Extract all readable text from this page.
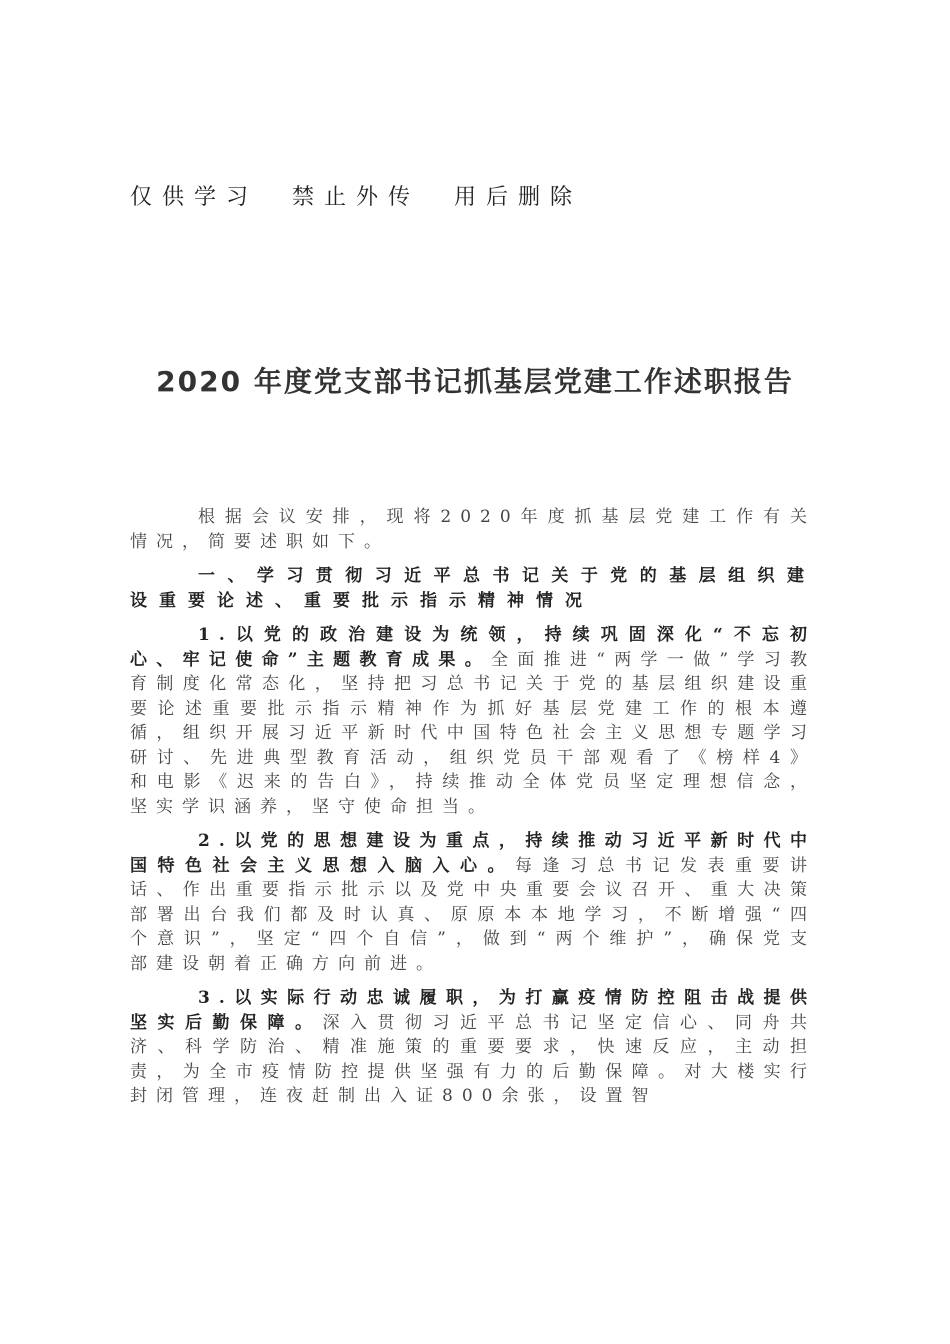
仅供学习  禁止外传  用后删除
2020 年度党支部书记抓基层党建工作述职报告

根据会议安排，现将2020年度抓基层党建工作有关情况，简要述职如下。

一、学习贯彻习近平总书记关于党的基层组织建设重要论述、重要批示指示精神情况

1.以党的政治建设为统领，持续巩固深化“不忘初心、牢记使命”主题教育成果。全面推进“两学一做”学习教育制度化常态化，坚持把习总书记关于党的基层组织建设重要论述重要批示指示精神作为抓好基层党建工作的根本遵循，组织开展习近平新时代中国特色社会主义思想专题学习研讨、先进典型教育活动，组织党员干部观看了《榜样4》和电影《迟来的告白》，持续推动全体党员坚定理想信念，坚实学识涵养，坚守使命担当。

2.以党的思想建设为重点，持续推动习近平新时代中国特色社会主义思想入脑入心。每逢习总书记发表重要讲话、作出重要指示批示以及党中央重要会议召开、重大决策部署出台我们都及时认真、原原本本地学习，不断增强“四个意识”，坚定“四个自信”，做到“两个维护”，确保党支部建设朝着正确方向前进。

3.以实际行动忠诚履职，为打赢疫情防控阻击战提供坚实后勤保障。深入贯彻习近平总书记坚定信心、同舟共济、科学防治、精准施策的重要要求，快速反应，主动担责，为全市疫情防控提供坚强有力的后勤保障。对大楼实行封闭管理，连夜赶制出入证800余张，设置智
